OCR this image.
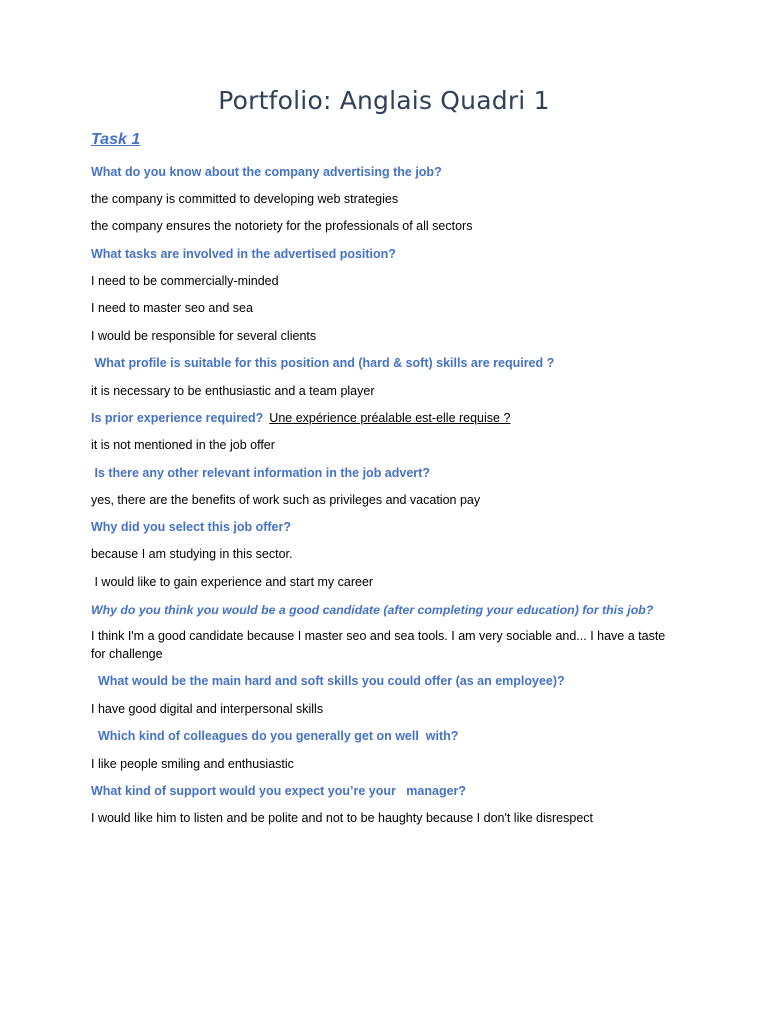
Portfolio: Anglais Quadri 1
Task 1
What do you know about the company advertising the job?
the company is committed to developing web strategies
the company ensures the notoriety for the professionals of all sectors
What tasks are involved in the advertised position?
I need to be commercially-minded
I need to master seo and sea
I would be responsible for several clients
What profile is suitable for this position and (hard & soft) skills are required ?
it is necessary to be enthusiastic and a team player
Is prior experience required? Une expérience préalable est-elle requise ?
it is not mentioned in the job offer
Is there any other relevant information in the job advert?
yes, there are the benefits of work such as privileges and vacation pay
Why did you select this job offer?
because I am studying in this sector.
I would like to gain experience and start my career
Why do you think you would be a good candidate (after completing your education) for this job?
I think I'm a good candidate because I master seo and sea tools. I am very sociable and... I have a taste for challenge
What would be the main hard and soft skills you could offer (as an employee)?
I have good digital and interpersonal skills
Which kind of colleagues do you generally get on well  with?
I like people smiling and enthusiastic
What kind of support would you expect you’re your   manager?
I would like him to listen and be polite and not to be haughty because I don't like disrespect
